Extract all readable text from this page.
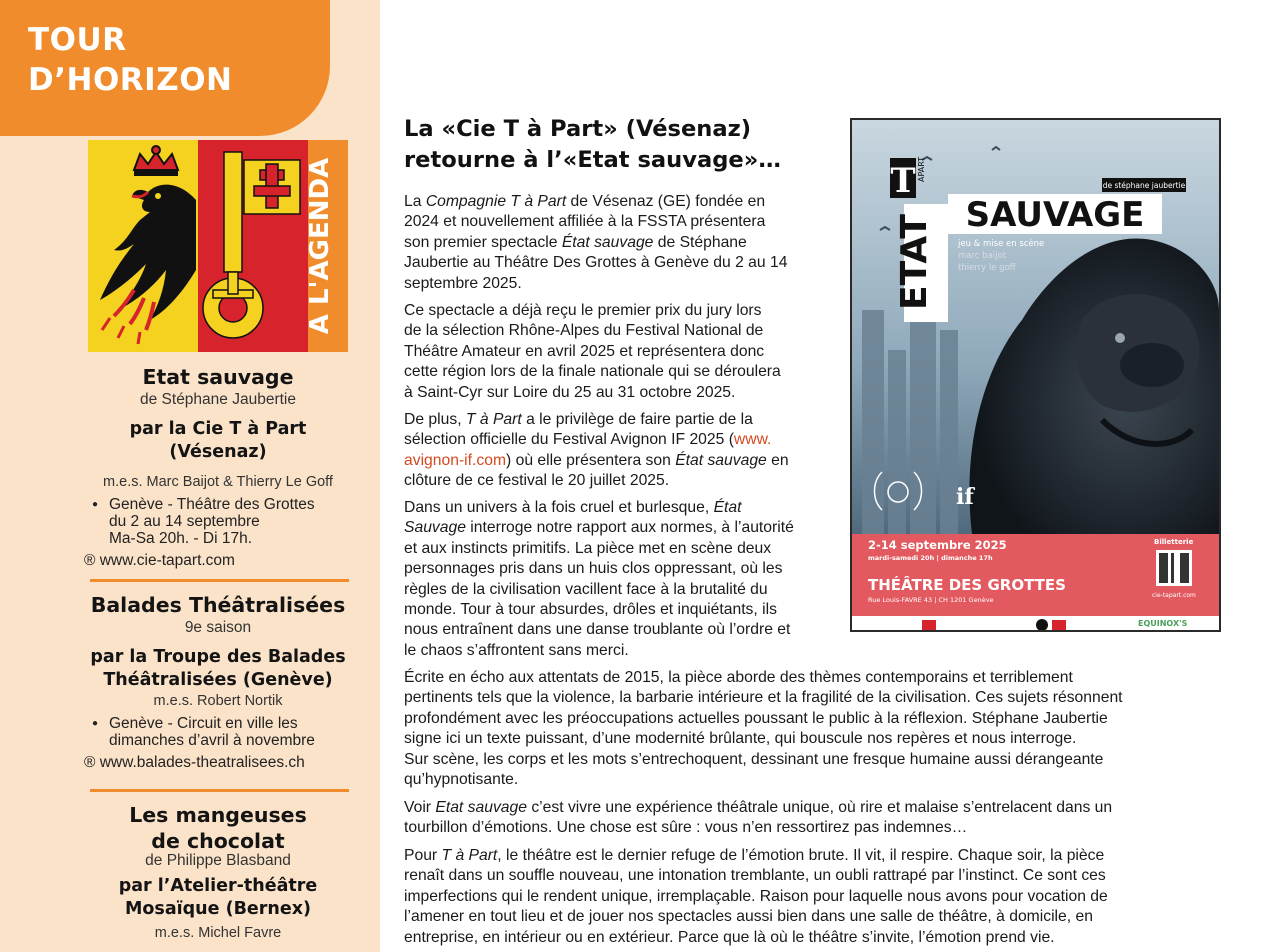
TOUR
D’HORIZON
A L'AGENDA
Etat sauvage
de Stéphane Jaubertie
par la Cie T à Part
(Vésenaz)
m.e.s. Marc Baijot & Thierry Le Goff
● Genève - Théâtre des Grottes
du 2 au 14 septembre
Ma-Sa 20h. - Di 17h.
® www.cie-tapart.com
Balades Théâtralisées
9e saison
par la Troupe des Balades
Théâtralisées (Genève)
m.e.s. Robert Nortik
● Genève - Circuit en ville les
dimanches d’avril à novembre
® www.balades-theatralisees.ch
Les mangeuses
de chocolat
de Philippe Blasband
par l’Atelier-théâtre
Mosaïque (Bernex)
m.e.s. Michel Favre
La «Cie T à Part» (Vésenaz)
retourne à l’«Etat sauvage»…
La Compagnie T à Part de Vésenaz (GE) fondée en
2024 et nouvellement affiliée à la FSSTA présentera
son premier spectacle État sauvage de Stéphane
Jaubertie au Théâtre Des Grottes à Genève du 2 au 14
septembre 2025.
Ce spectacle a déjà reçu le premier prix du jury lors
de la sélection Rhône-Alpes du Festival National de
Théâtre Amateur en avril 2025 et représentera donc
cette région lors de la finale nationale qui se déroulera
à Saint-Cyr sur Loire du 25 au 31 octobre 2025.
De plus, T à Part a le privilège de faire partie de la
sélection officielle du Festival Avignon IF 2025 (www.
avignon-if.com) où elle présentera son État sauvage en
clôture de ce festival le 20 juillet 2025.
Dans un univers à la fois cruel et burlesque, État
Sauvage interroge notre rapport aux normes, à l’autorité
et aux instincts primitifs. La pièce met en scène deux
personnages pris dans un huis clos oppressant, où les
règles de la civilisation vacillent face à la brutalité du
monde. Tour à tour absurdes, drôles et inquiétants, ils
nous entraînent dans une danse troublante où l’ordre et
le chaos s’affrontent sans merci.
Écrite en écho aux attentats de 2015, la pièce aborde des thèmes contemporains et terriblement
pertinents tels que la violence, la barbarie intérieure et la fragilité de la civilisation. Ces sujets résonnent
profondément avec les préoccupations actuelles poussant le public à la réflexion. Stéphane Jaubertie
signe ici un texte puissant, d’une modernité brûlante, qui bouscule nos repères et nous interroge.
Sur scène, les corps et les mots s’entrechoquent, dessinant une fresque humaine aussi dérangeante
qu’hypnotisante.
Voir Etat sauvage c’est vivre une expérience théâtrale unique, où rire et malaise s’entrelacent dans un
tourbillon d’émotions. Une chose est sûre : vous n’en ressortirez pas indemnes…
Pour T à Part, le théâtre est le dernier refuge de l’émotion brute. Il vit, il respire. Chaque soir, la pièce
renaît dans un souffle nouveau, une intonation tremblante, un oubli rattrapé par l’instinct. Ce sont ces
imperfections qui le rendent unique, irremplaçable. Raison pour laquelle nous avons pour vocation de
l’amener en tout lieu et de jouer nos spectacles aussi bien dans une salle de théâtre, à domicile, en
entreprise, en intérieur ou en extérieur. Parce que là où le théâtre s’invite, l’émotion prend vie.
T APART
de stéphane jaubertie
SAUVAGE
ETAT	jeu & mise en scène
marc baijot
thierry le goff
if
2-14 septembre 2025
mardi-samedi 20h | dimanche 17h
THÉÂTRE DES GROTTES
Rue Louis-FAVRE 43 | CH 1201 Genève
Billetterie
cie-tapart.com
EQUINOX'S
